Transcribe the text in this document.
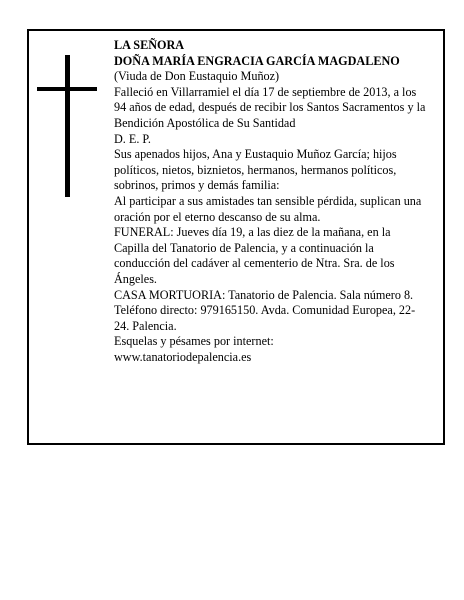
LA SEÑORA

DOÑA MARÍA ENGRACIA GARCÍA MAGDALENO

(Viuda de Don Eustaquio Muñoz)

Falleció en Villarramiel el día 17 de septiembre de 2013, a los 94 años de edad, después de recibir los Santos Sacramentos y la Bendición Apostólica de Su Santidad

D. E. P.

Sus apenados hijos, Ana y Eustaquio Muñoz García; hijos políticos, nietos, biznietos, hermanos, hermanos políticos, sobrinos, primos y demás familia:

Al participar a sus amistades tan sensible pérdida, suplican una oración por el eterno descanso de su alma.

FUNERAL: Jueves día 19, a las diez de la mañana, en la Capilla del Tanatorio de Palencia, y a continuación la conducción del cadáver al cementerio de Ntra. Sra. de los Ángeles.

CASA MORTUORIA: Tanatorio de Palencia. Sala número 8. Teléfono directo: 979165150. Avda. Comunidad Europea, 22-24. Palencia.

Esquelas y pésames por internet:

www.tanatoriodepalencia.es
